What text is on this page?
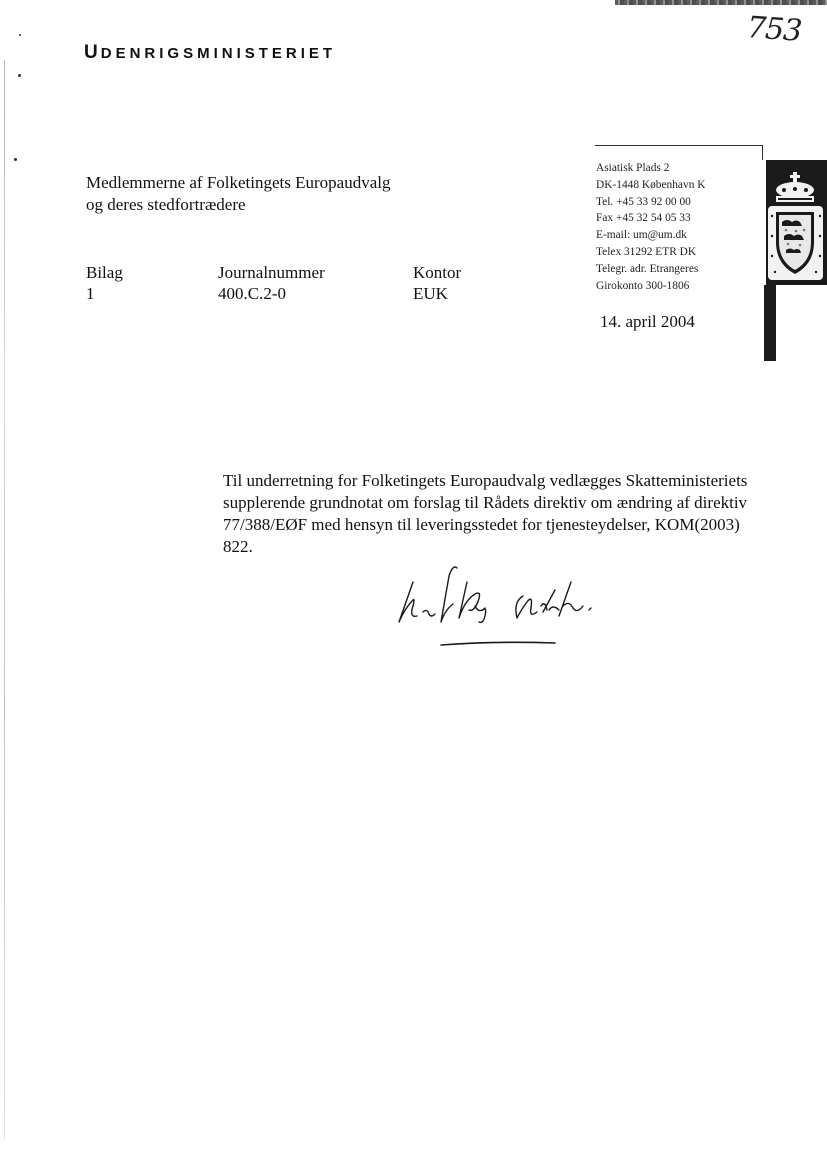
UDENRIGSMINISTERIET
753
Medlemmerne af Folketingets Europaudvalg
og deres stedfortrædere
Asiatisk Plads 2
DK-1448 København K
Tel. +45 33 92 00 00
Fax +45 32 54 05 33
E-mail: um@um.dk
Telex 31292 ETR DK
Telegr. adr. Etrangeres
Girokonto 300-1806
Bilag
1
Journalnummer
400.C.2-0
Kontor
EUK
14. april 2004
Til underretning for Folketingets Europaudvalg vedlægges Skatteministeriets
supplerende grundnotat om forslag til Rådets direktiv om ændring af direktiv
77/388/EØF med hensyn til leveringsstedet for tjenesteydelser, KOM(2003)
822.
